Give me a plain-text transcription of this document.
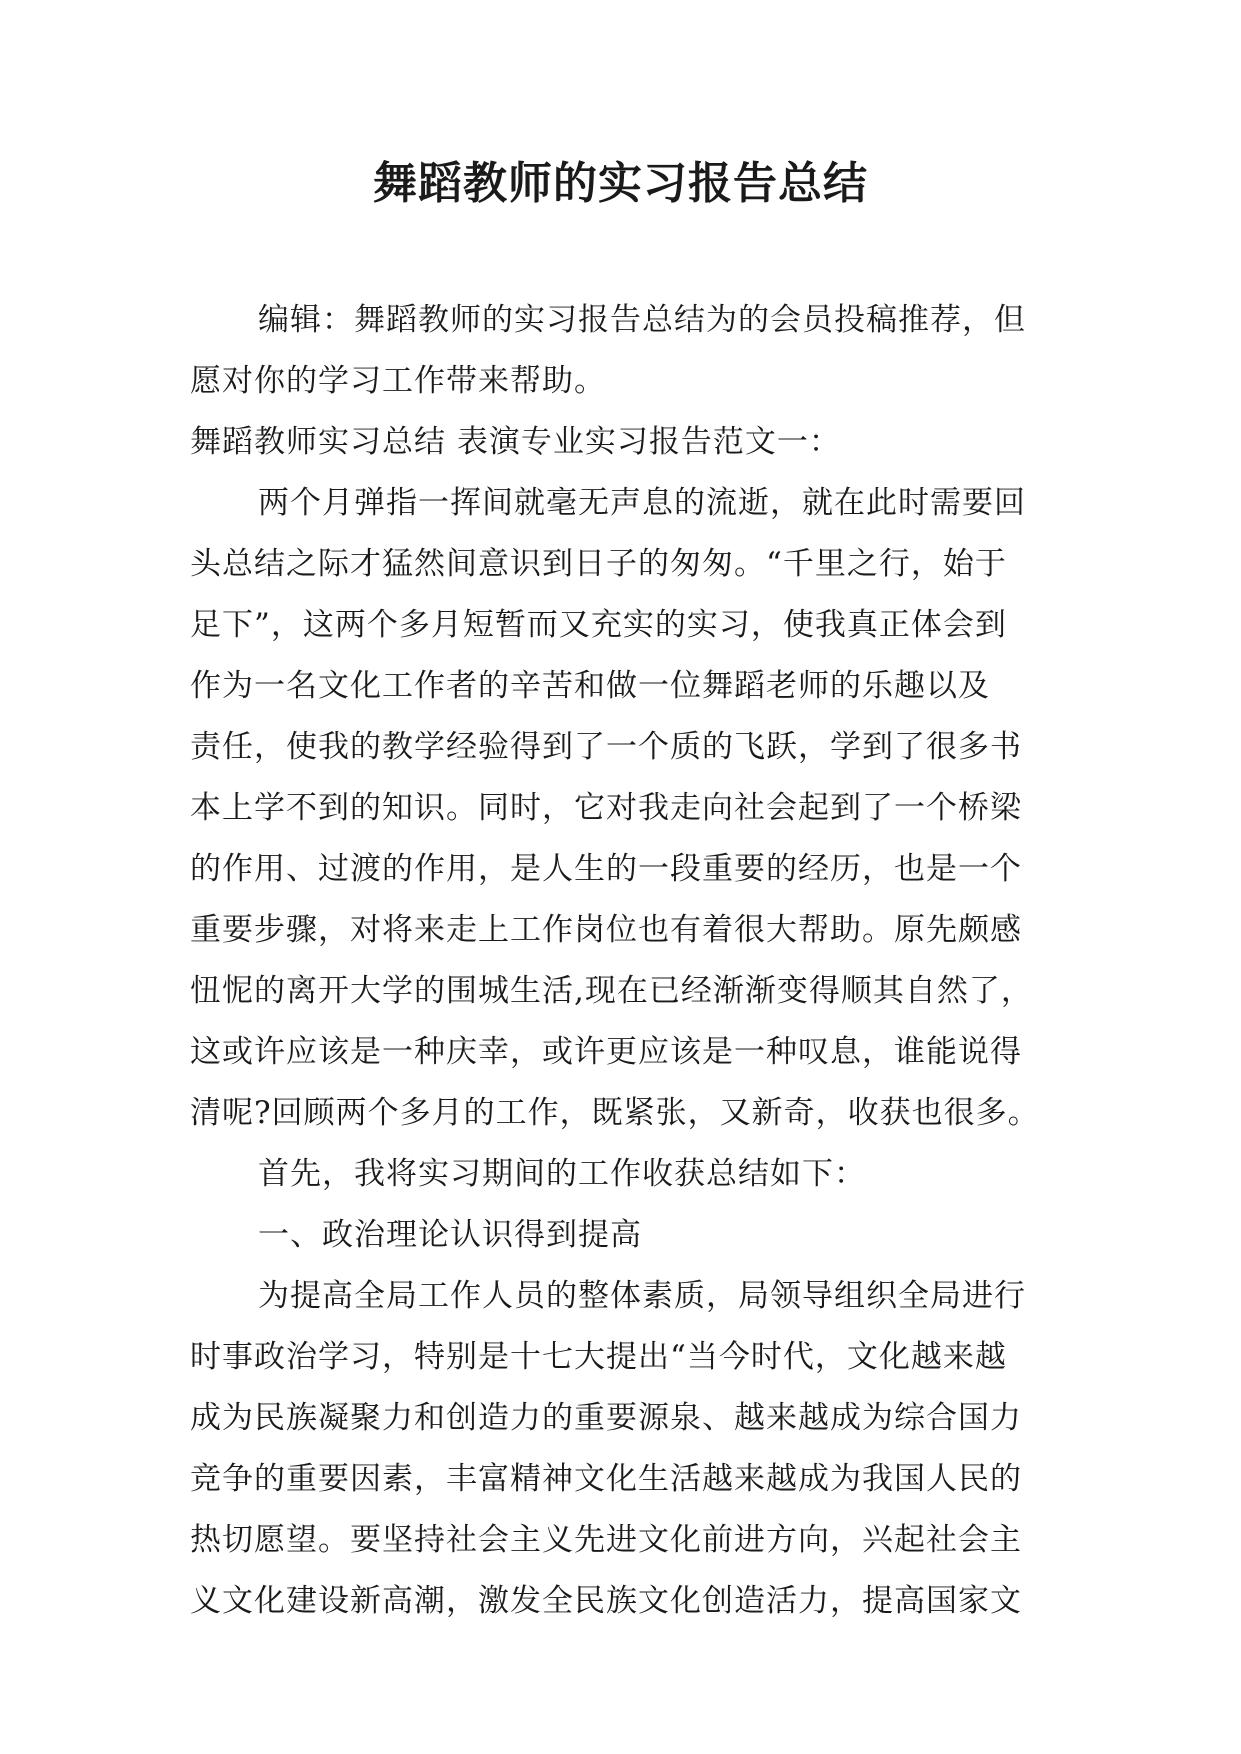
舞蹈教师的实习报告总结
编辑：舞蹈教师的实习报告总结为的会员投稿推荐，但
愿对你的学习工作带来帮助。
舞蹈教师实习总结 表演专业实习报告范文一：
两个月弹指一挥间就毫无声息的流逝，就在此时需要回
头总结之际才猛然间意识到日子的匆匆。“千里之行，始于
足下”，这两个多月短暂而又充实的实习，使我真正体会到
作为一名文化工作者的辛苦和做一位舞蹈老师的乐趣以及
责任，使我的教学经验得到了一个质的飞跃，学到了很多书
本上学不到的知识。同时，它对我走向社会起到了一个桥梁
的作用、过渡的作用，是人生的一段重要的经历，也是一个
重要步骤，对将来走上工作岗位也有着很大帮助。原先颇感
忸怩的离开大学的围城生活,现在已经渐渐变得顺其自然了，
这或许应该是一种庆幸，或许更应该是一种叹息，谁能说得
清呢?回顾两个多月的工作，既紧张，又新奇，收获也很多。
首先，我将实习期间的工作收获总结如下：
一、政治理论认识得到提高
为提高全局工作人员的整体素质，局领导组织全局进行
时事政治学习，特别是十七大提出“当今时代，文化越来越
成为民族凝聚力和创造力的重要源泉、越来越成为综合国力
竞争的重要因素，丰富精神文化生活越来越成为我国人民的
热切愿望。要坚持社会主义先进文化前进方向，兴起社会主
义文化建设新高潮，激发全民族文化创造活力，提高国家文
